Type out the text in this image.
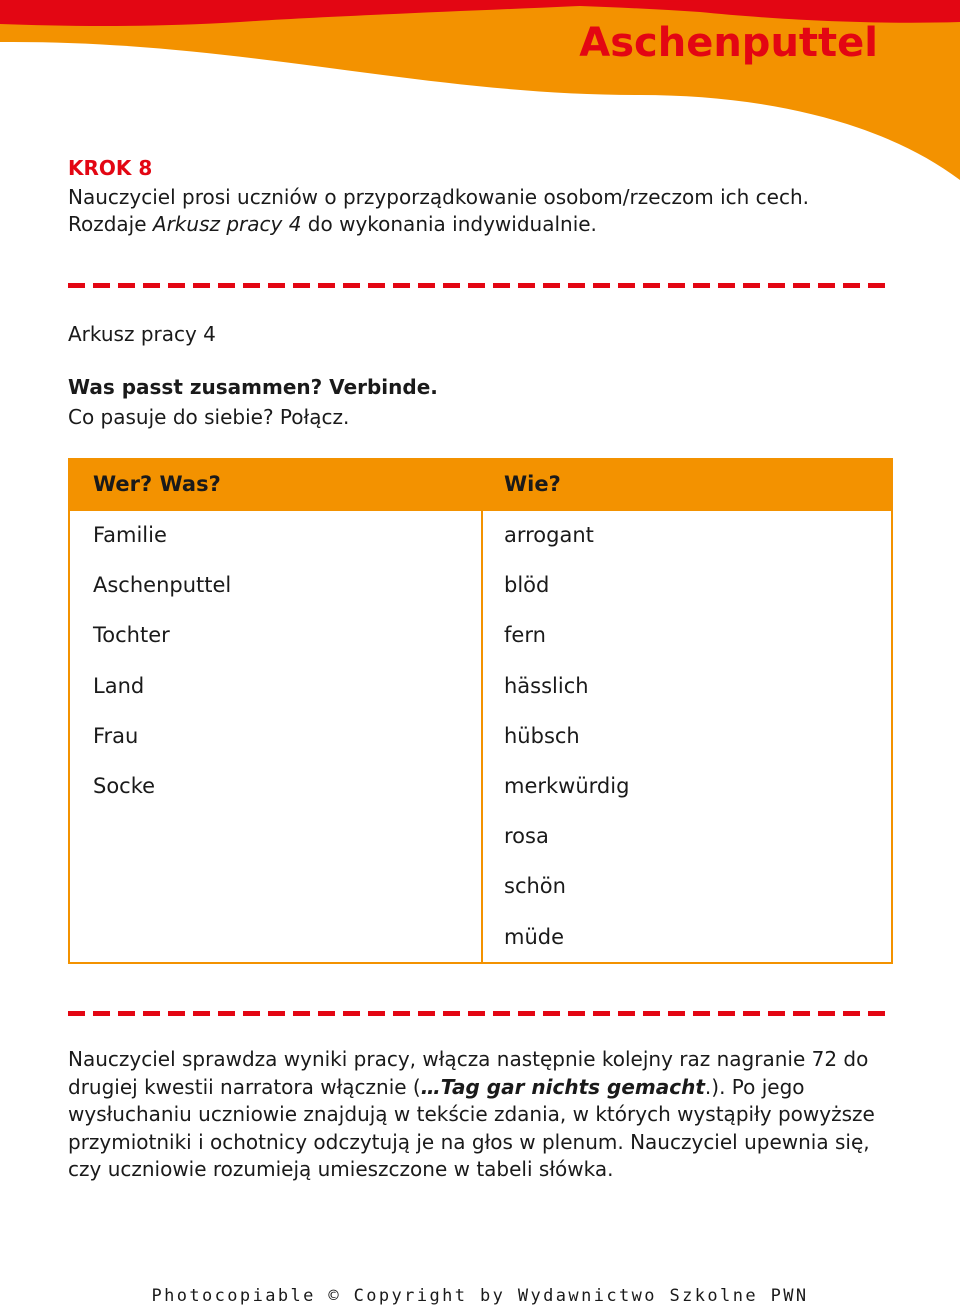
Aschenputtel
KROK 8
Nauczyciel prosi uczniów o przyporządkowanie osobom/rzeczom ich cech. Rozdaje Arkusz pracy 4 do wykonania indywidualnie.
Arkusz pracy 4
Was passt zusammen? Verbinde.
Co pasuje do siebie? Połącz.
Wer? Was?	Wie?
Familie
Aschenputtel
Tochter
Land
Frau
Socke
arrogant
blöd
fern
hässlich
hübsch
merkwürdig
rosa
schön
müde
Nauczyciel sprawdza wyniki pracy, włącza następnie kolejny raz nagranie 72 do drugiej kwestii narratora włącznie (…Tag gar nichts gemacht.). Po jego wysłuchaniu uczniowie znajdują w tekście zdania, w których wystąpiły powyższe przymiotniki i ochotnicy odczytują je na głos w plenum. Nauczyciel upewnia się, czy uczniowie rozumieją umieszczone w tabeli słówka.
Photocopiable © Copyright by Wydawnictwo Szkolne PWN
